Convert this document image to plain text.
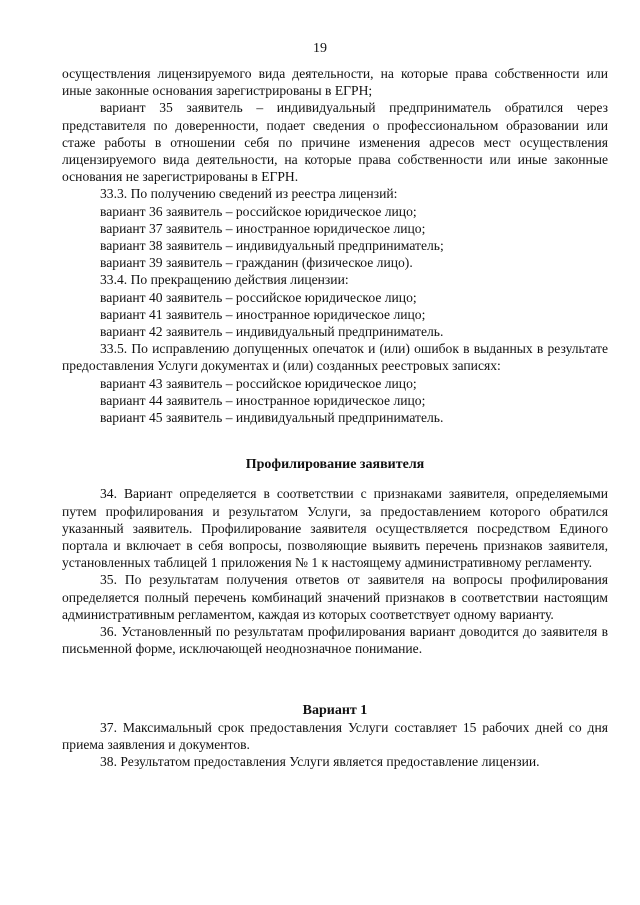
19

осуществления лицензируемого вида деятельности, на которые права собственности или иные законные основания зарегистрированы в ЕГРН;

вариант 35 заявитель – индивидуальный предприниматель обратился через представителя по доверенности, подает сведения о профессиональном образовании или стаже работы в отношении себя по причине изменения адресов мест осуществления лицензируемого вида деятельности, на которые права собственности или иные законные основания не зарегистрированы в ЕГРН.

33.3. По получению сведений из реестра лицензий:

вариант 36 заявитель – российское юридическое лицо;

вариант 37 заявитель – иностранное юридическое лицо;

вариант 38 заявитель – индивидуальный предприниматель;

вариант 39 заявитель – гражданин (физическое лицо).

33.4. По прекращению действия лицензии:

вариант 40 заявитель – российское юридическое лицо;

вариант 41 заявитель – иностранное юридическое лицо;

вариант 42 заявитель – индивидуальный предприниматель.

33.5. По исправлению допущенных опечаток и (или) ошибок в выданных в результате предоставления Услуги документах и (или) созданных реестровых записях:

вариант 43 заявитель – российское юридическое лицо;

вариант 44 заявитель – иностранное юридическое лицо;

вариант 45 заявитель – индивидуальный предприниматель.

Профилирование заявителя

34. Вариант определяется в соответствии с признаками заявителя, определяемыми путем профилирования и результатом Услуги, за предоставлением которого обратился указанный заявитель. Профилирование заявителя осуществляется посредством Единого портала и включает в себя вопросы, позволяющие выявить перечень признаков заявителя, установленных таблицей 1 приложения № 1 к настоящему административному регламенту.

35. По результатам получения ответов от заявителя на вопросы профилирования определяется полный перечень комбинаций значений признаков в соответствии настоящим административным регламентом, каждая из которых соответствует одному варианту.

36. Установленный по результатам профилирования вариант доводится до заявителя в письменной форме, исключающей неоднозначное понимание.

Вариант 1

37. Максимальный срок предоставления Услуги составляет 15 рабочих дней со дня приема заявления и документов.

38. Результатом предоставления Услуги является предоставление лицензии.
